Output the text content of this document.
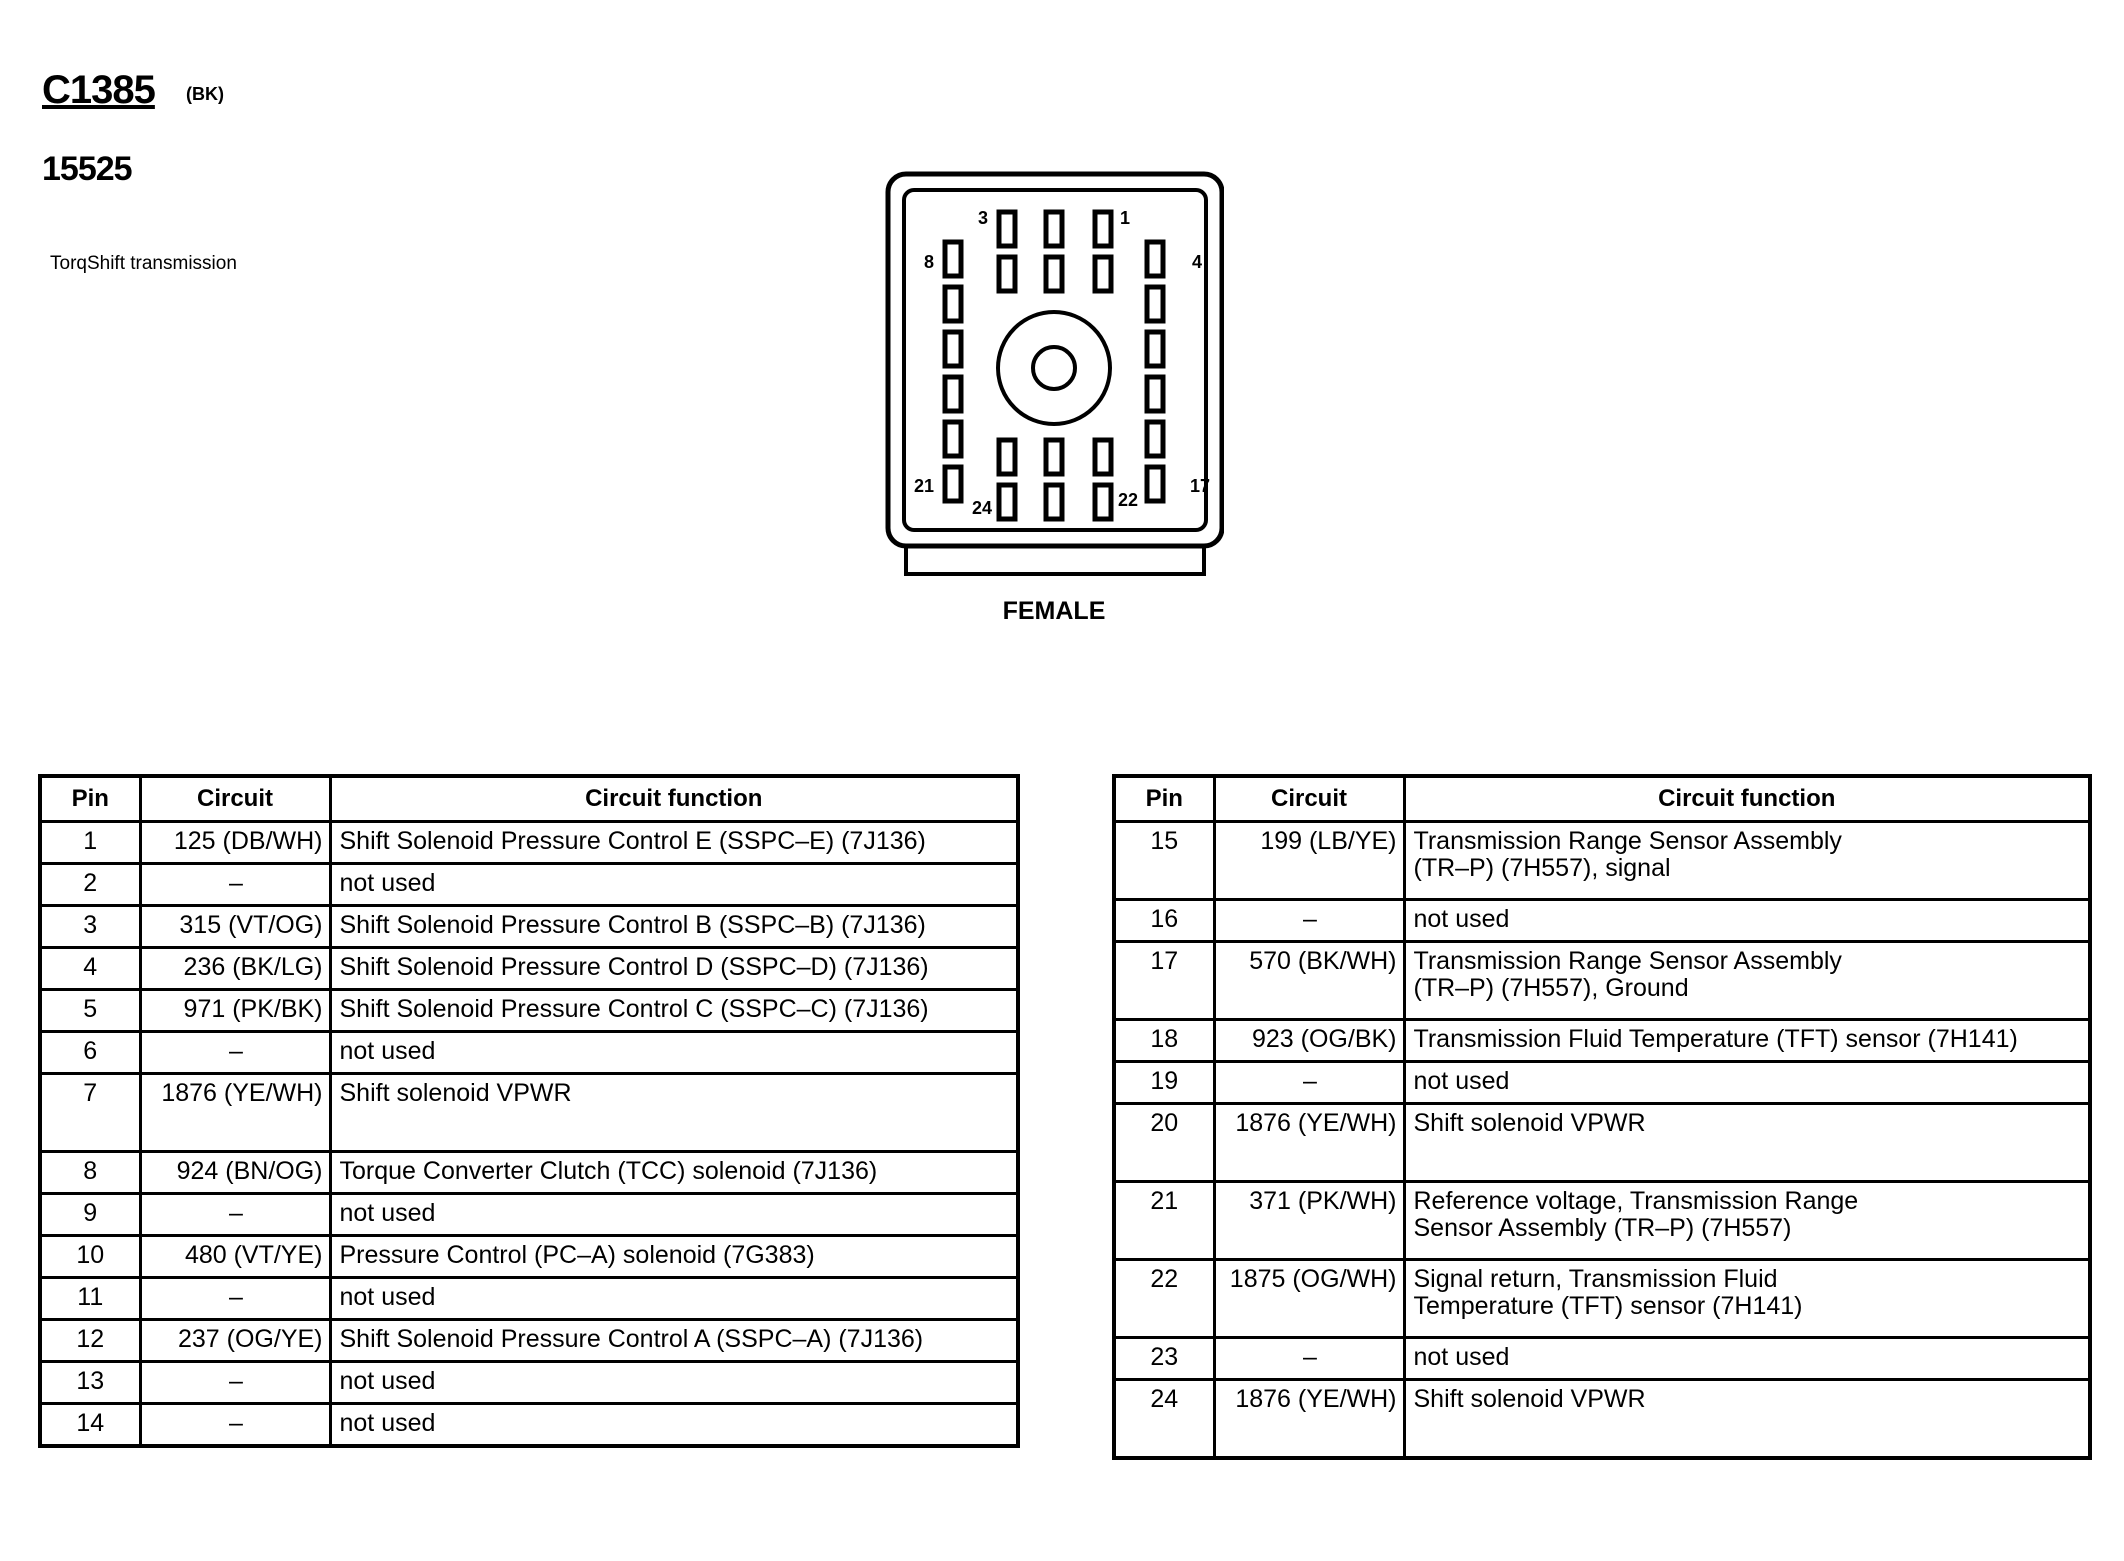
C1385 (BK)
15525
TorqShift transmission
3	1
8	4
21	17
24	22
FEMALE
Pin	Circuit	Circuit function
1	125 (DB/WH)	Shift Solenoid Pressure Control E (SSPC–E) (7J136)
2	–	not used
3	315 (VT/OG)	Shift Solenoid Pressure Control B (SSPC–B) (7J136)
4	236 (BK/LG)	Shift Solenoid Pressure Control D (SSPC–D) (7J136)
5	971 (PK/BK)	Shift Solenoid Pressure Control C (SSPC–C) (7J136)
6	–	not used
7	1876 (YE/WH)	Shift solenoid VPWR
8	924 (BN/OG)	Torque Converter Clutch (TCC) solenoid (7J136)
9	–	not used
10	480 (VT/YE)	Pressure Control (PC–A) solenoid (7G383)
11	–	not used
12	237 (OG/YE)	Shift Solenoid Pressure Control A (SSPC–A) (7J136)
13	–	not used
14	–	not used
Pin	Circuit	Circuit function
15	199 (LB/YE)	Transmission Range Sensor Assembly
(TR–P) (7H557), signal

16	–	not used

17	570 (BK/WH)	Transmission Range Sensor Assembly
(TR–P) (7H557), Ground

18	923 (OG/BK)	Transmission Fluid Temperature (TFT) sensor (7H141)

19	–	not used

20	1876 (YE/WH)	Shift solenoid VPWR

21	371 (PK/WH)	Reference voltage, Transmission Range
Sensor Assembly (TR–P) (7H557)

22	1875 (OG/WH)	Signal return, Transmission Fluid
Temperature (TFT) sensor (7H141)

23	–	not used

24	1876 (YE/WH)	Shift solenoid VPWR
